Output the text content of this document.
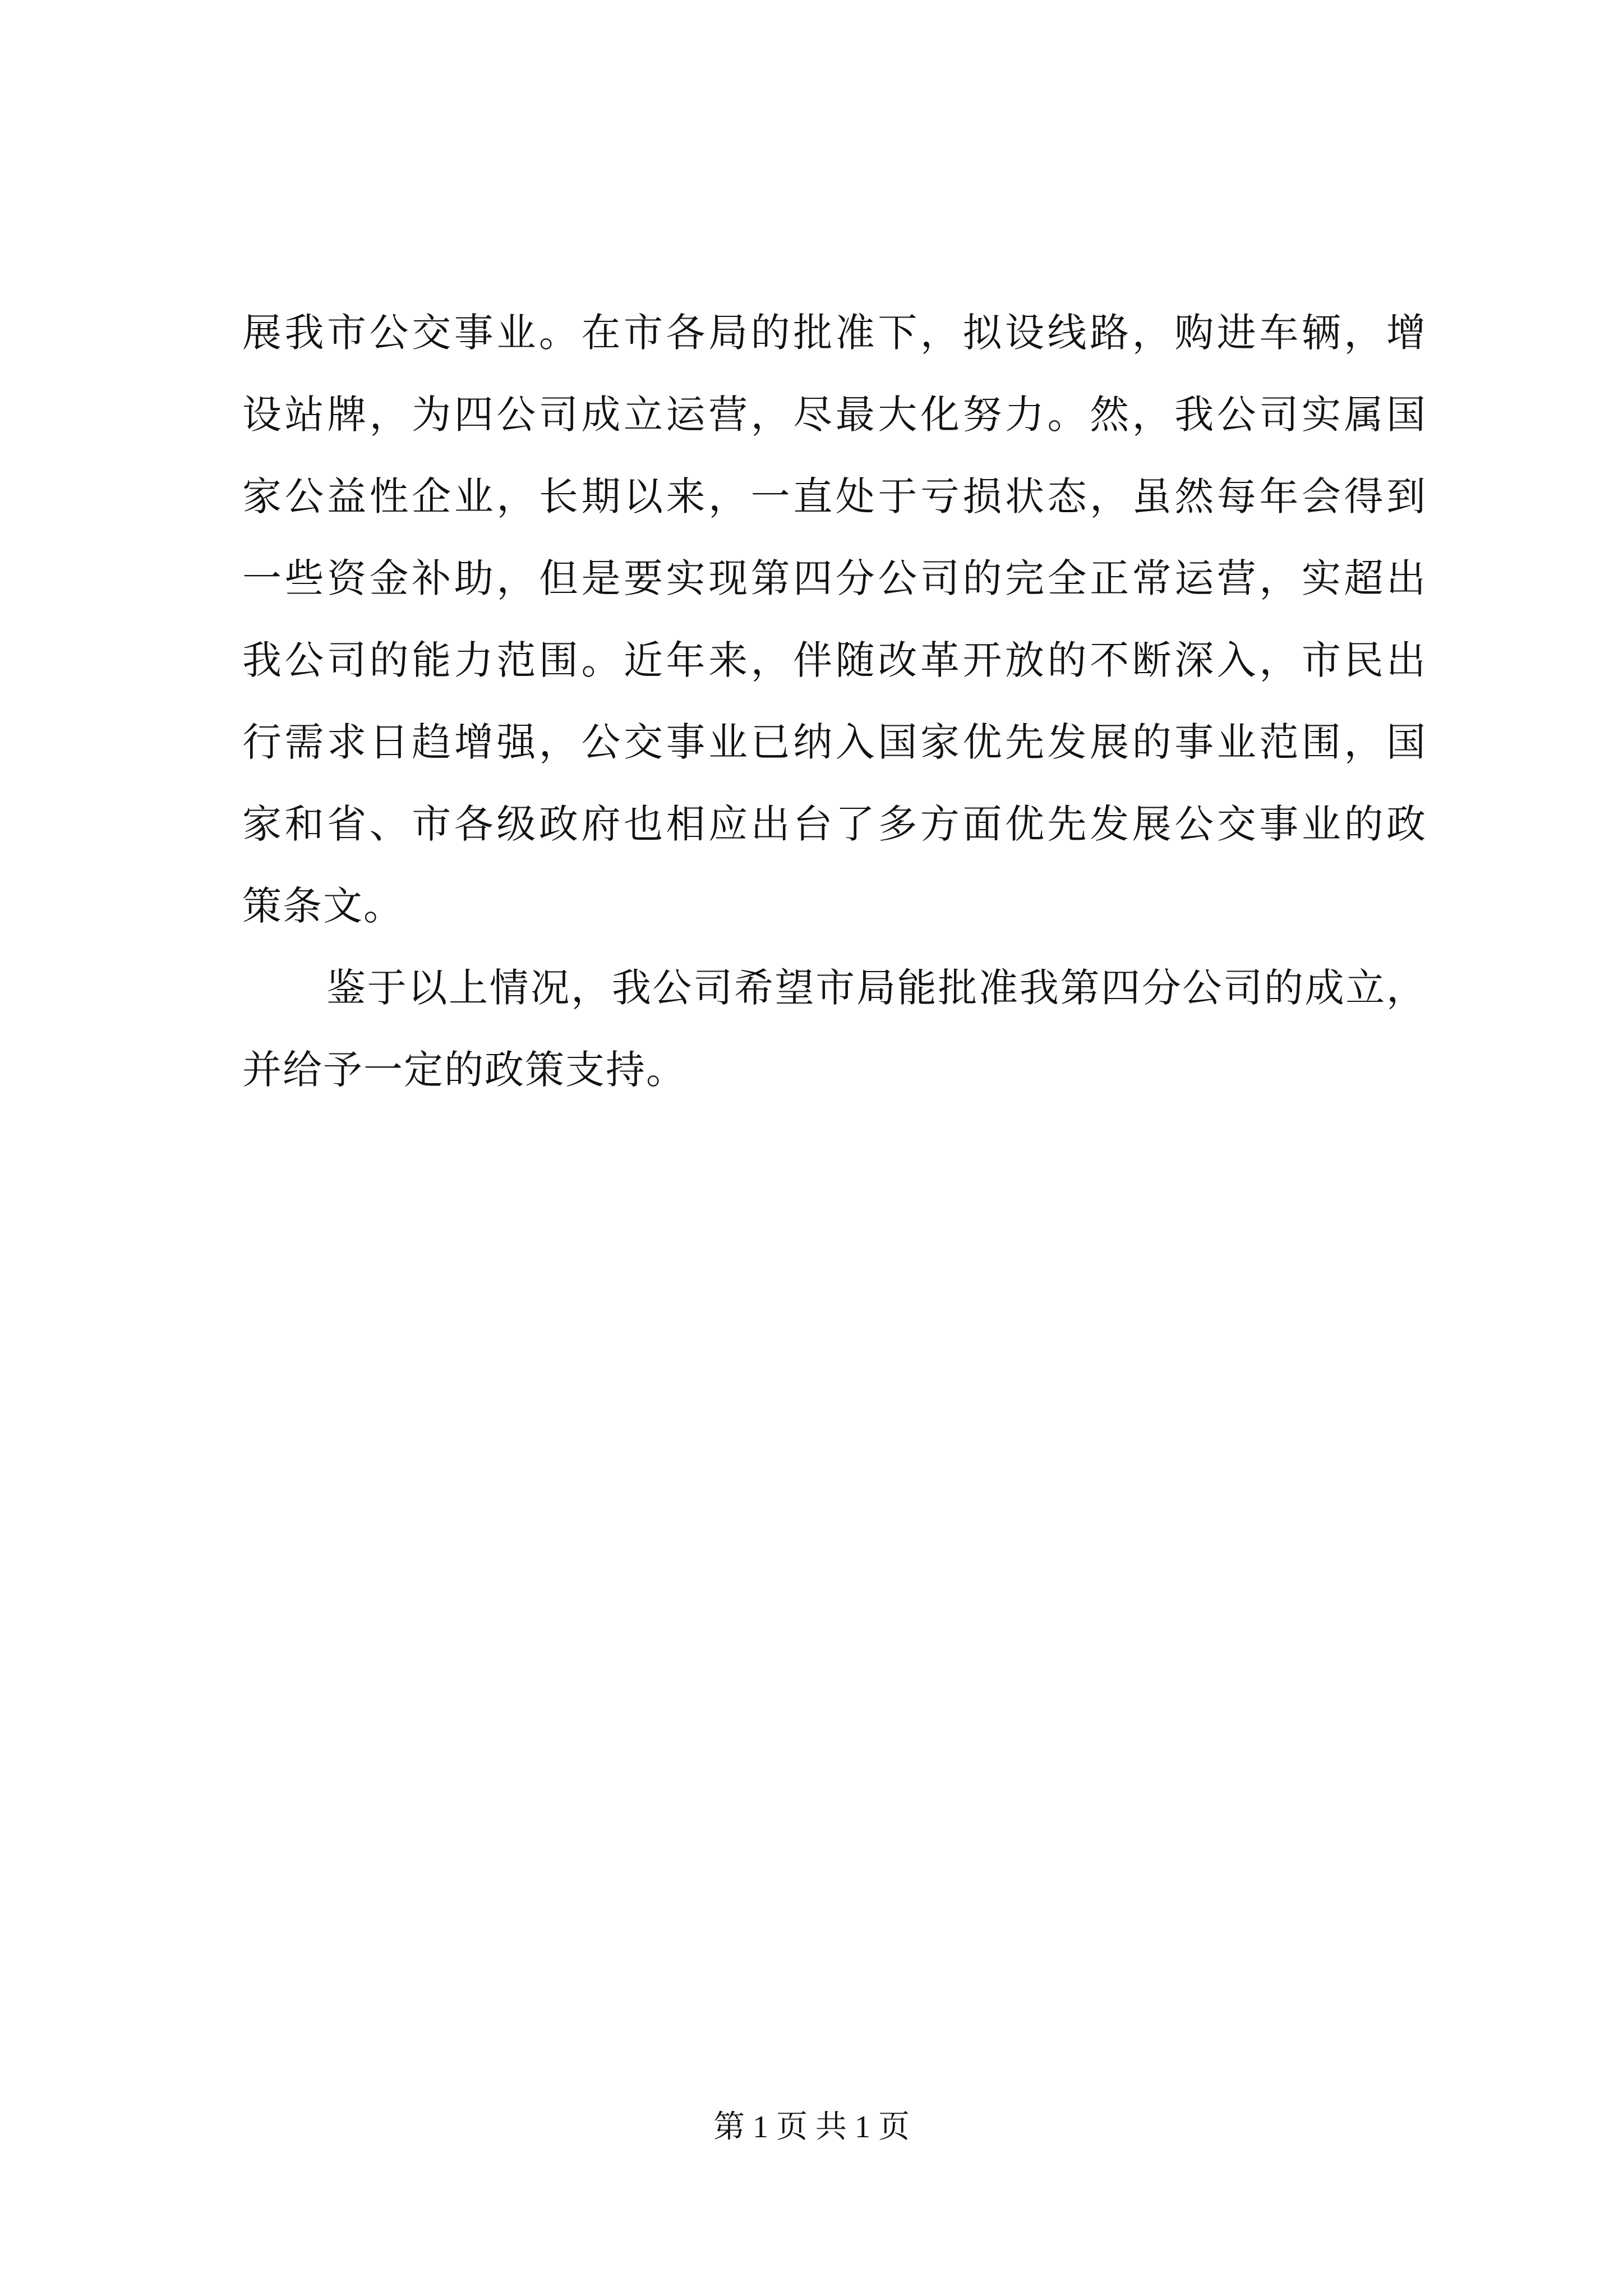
展我市公交事业。在市各局的批准下，拟设线路，购进车辆，增
设站牌，为四公司成立运营，尽最大化努力。然，我公司实属国
家公益性企业，长期以来，一直处于亏损状态，虽然每年会得到
一些资金补助，但是要实现第四分公司的完全正常运营，实超出
我公司的能力范围。近年来，伴随改革开放的不断深入，市民出
行需求日趋增强，公交事业已纳入国家优先发展的事业范围，国
家和省、市各级政府也相应出台了多方面优先发展公交事业的政
策条文。
鉴于以上情况，我公司希望市局能批准我第四分公司的成立，
并给予一定的政策支持。
第 1 页 共 1 页
